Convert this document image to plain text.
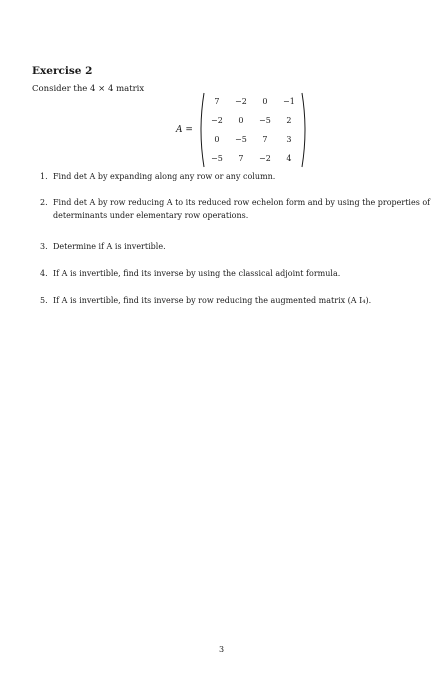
Exercise 2
Consider the 4 × 4 matrix
A =
7	−2	0	−1
−2	0	−5	2
0	−5	7	3
−5	7	−2	4
1. Find det A by expanding along any row or any column.
2. Find det A by row reducing A to its reduced row echelon form and by using the properties of determinants under elementary row operations.
3. Determine if A is invertible.
4. If A is invertible, find its inverse by using the classical adjoint formula.
5. If A is invertible, find its inverse by row reducing the augmented matrix (A I₄).
3
